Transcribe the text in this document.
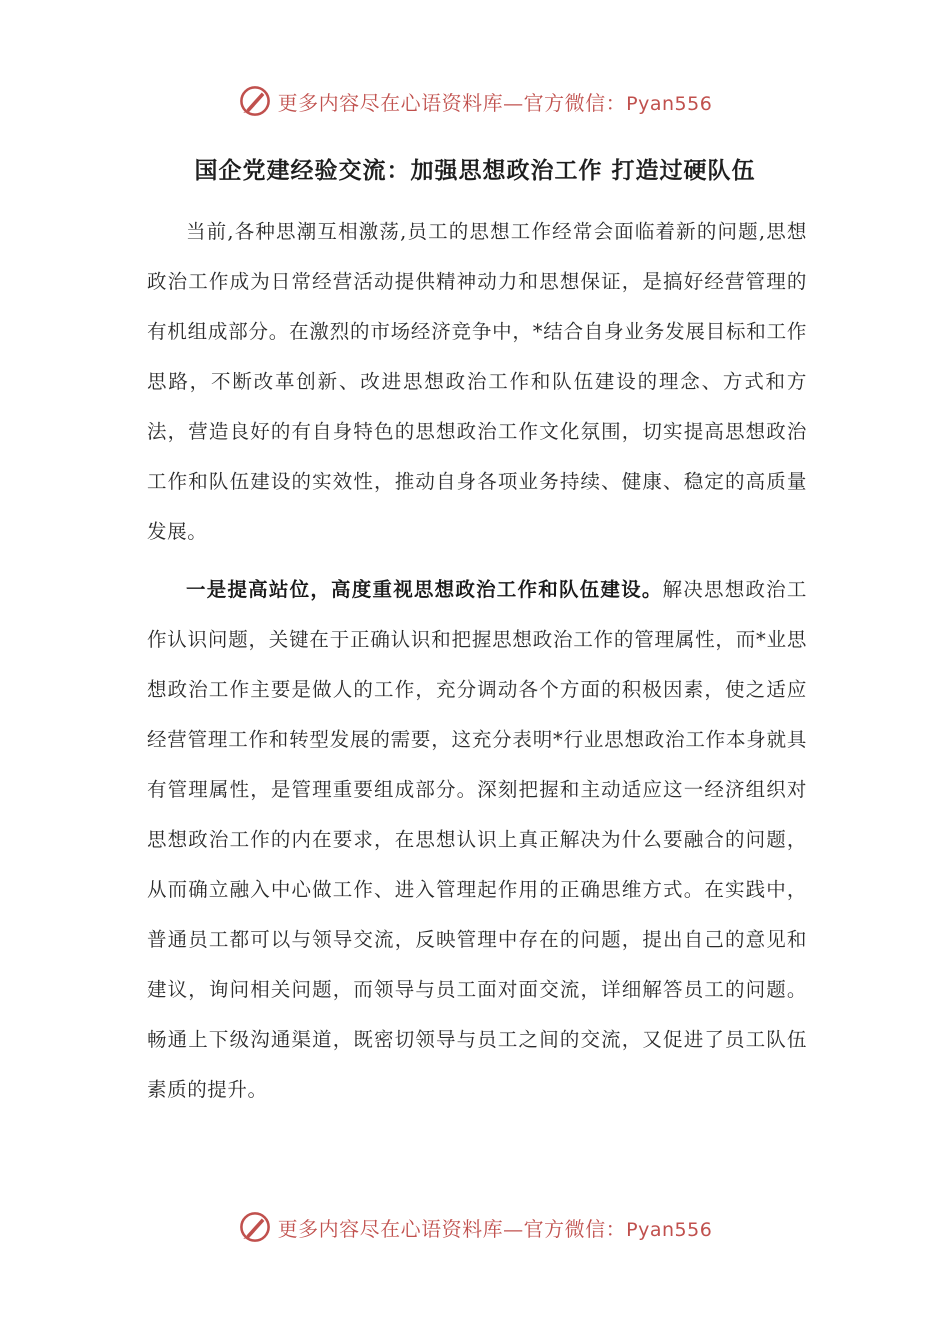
更多内容尽在心语资料库—官方微信：Pyan556
国企党建经验交流：加强思想政治工作 打造过硬队伍

当前,各种思潮互相激荡,员工的思想工作经常会面临着新的问题,思想政治工作成为日常经营活动提供精神动力和思想保证，是搞好经营管理的有机组成部分。在激烈的市场经济竞争中，*结合自身业务发展目标和工作思路，不断改革创新、改进思想政治工作和队伍建设的理念、方式和方法，营造良好的有自身特色的思想政治工作文化氛围，切实提高思想政治工作和队伍建设的实效性，推动自身各项业务持续、健康、稳定的高质量发展。

一是提高站位，高度重视思想政治工作和队伍建设。解决思想政治工作认识问题，关键在于正确认识和把握思想政治工作的管理属性，而*业思想政治工作主要是做人的工作，充分调动各个方面的积极因素，使之适应经营管理工作和转型发展的需要，这充分表明*行业思想政治工作本身就具有管理属性，是管理重要组成部分。深刻把握和主动适应这一经济组织对思想政治工作的内在要求，在思想认识上真正解决为什么要融合的问题，从而确立融入中心做工作、进入管理起作用的正确思维方式。在实践中，普通员工都可以与领导交流，反映管理中存在的问题，提出自己的意见和建议，询问相关问题，而领导与员工面对面交流，详细解答员工的问题。畅通上下级沟通渠道，既密切领导与员工之间的交流，又促进了员工队伍素质的提升。

更多内容尽在心语资料库—官方微信：Pyan556
